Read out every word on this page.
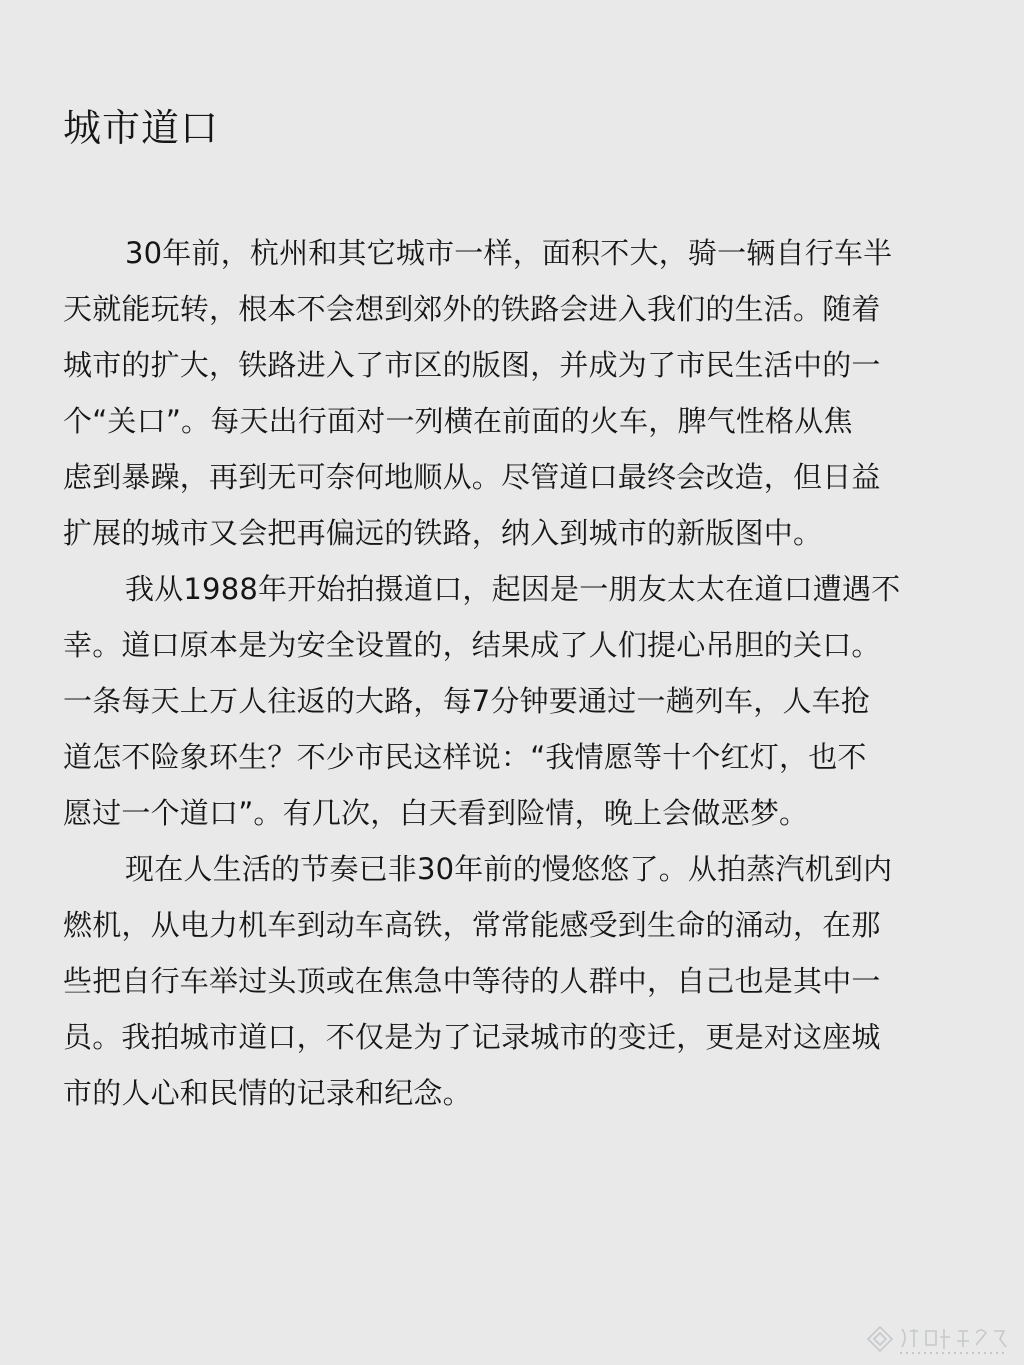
城市道口
30年前，杭州和其它城市一样，面积不大，骑一辆自行车半
天就能玩转，根本不会想到郊外的铁路会进入我们的生活。随着
城市的扩大，铁路进入了市区的版图，并成为了市民生活中的一
个“关口”。每天出行面对一列横在前面的火车，脾气性格从焦
虑到暴躁，再到无可奈何地顺从。尽管道口最终会改造，但日益
扩展的城市又会把再偏远的铁路，纳入到城市的新版图中。
我从1988年开始拍摄道口，起因是一朋友太太在道口遭遇不
幸。道口原本是为安全设置的，结果成了人们提心吊胆的关口。
一条每天上万人往返的大路，每7分钟要通过一趟列车，人车抢
道怎不险象环生？不少市民这样说：“我情愿等十个红灯，也不
愿过一个道口”。有几次，白天看到险情，晚上会做恶梦。
现在人生活的节奏已非30年前的慢悠悠了。从拍蒸汽机到内
燃机，从电力机车到动车高铁，常常能感受到生命的涌动，在那
些把自行车举过头顶或在焦急中等待的人群中，自己也是其中一
员。我拍城市道口，不仅是为了记录城市的变迁，更是对这座城
市的人心和民情的记录和纪念。
